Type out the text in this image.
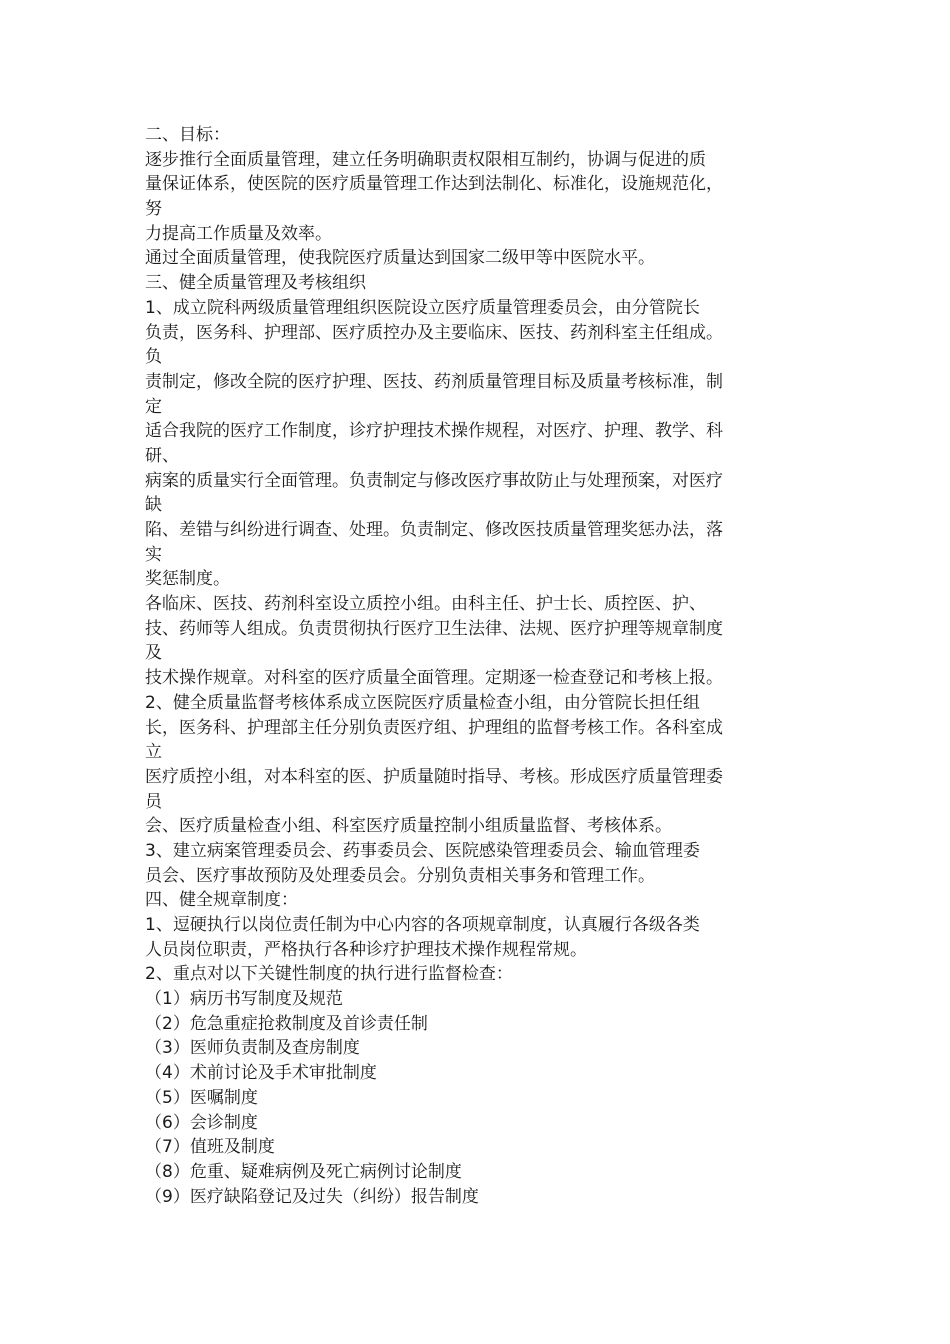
二、目标：
逐步推行全面质量管理，建立任务明确职责权限相互制约，协调与促进的质
量保证体系，使医院的医疗质量管理工作达到法制化、标准化，设施规范化，
努
力提高工作质量及效率。
通过全面质量管理，使我院医疗质量达到国家二级甲等中医院水平。
三、健全质量管理及考核组织
1、成立院科两级质量管理组织医院设立医疗质量管理委员会，由分管院长
负责，医务科、护理部、医疗质控办及主要临床、医技、药剂科室主任组成。
负
责制定，修改全院的医疗护理、医技、药剂质量管理目标及质量考核标准，制
定
适合我院的医疗工作制度，诊疗护理技术操作规程，对医疗、护理、教学、科
研、
病案的质量实行全面管理。负责制定与修改医疗事故防止与处理预案，对医疗
缺
陷、差错与纠纷进行调查、处理。负责制定、修改医技质量管理奖惩办法，落
实
奖惩制度。
各临床、医技、药剂科室设立质控小组。由科主任、护士长、质控医、护、
技、药师等人组成。负责贯彻执行医疗卫生法律、法规、医疗护理等规章制度
及
技术操作规章。对科室的医疗质量全面管理。定期逐一检查登记和考核上报。
2、健全质量监督考核体系成立医院医疗质量检查小组，由分管院长担任组
长，医务科、护理部主任分别负责医疗组、护理组的监督考核工作。各科室成
立
医疗质控小组，对本科室的医、护质量随时指导、考核。形成医疗质量管理委
员
会、医疗质量检查小组、科室医疗质量控制小组质量监督、考核体系。
3、建立病案管理委员会、药事委员会、医院感染管理委员会、输血管理委
员会、医疗事故预防及处理委员会。分别负责相关事务和管理工作。
四、健全规章制度：
1、逗硬执行以岗位责任制为中心内容的各项规章制度，认真履行各级各类
人员岗位职责，严格执行各种诊疗护理技术操作规程常规。
2、重点对以下关键性制度的执行进行监督检查：
（1）病历书写制度及规范
（2）危急重症抢救制度及首诊责任制
（3）医师负责制及查房制度
（4）术前讨论及手术审批制度
（5）医嘱制度
（6）会诊制度
（7）值班及制度
（8）危重、疑难病例及死亡病例讨论制度
（9）医疗缺陷登记及过失（纠纷）报告制度
